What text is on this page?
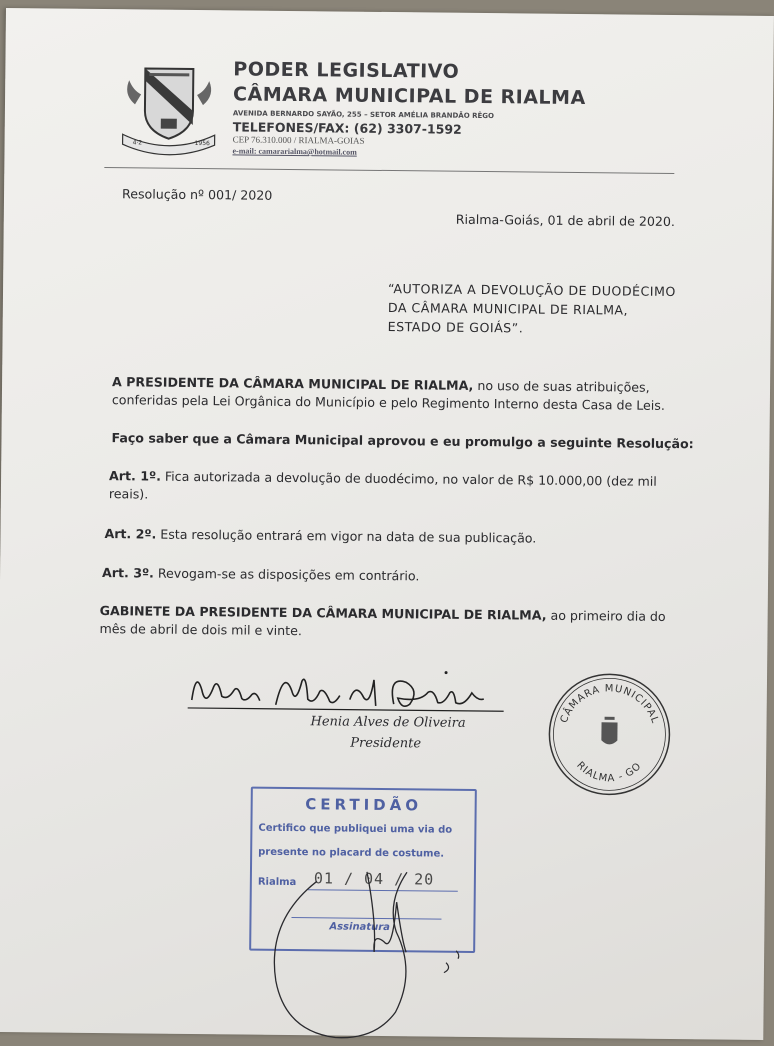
4·2	1956
PODER LEGISLATIVO
CÂMARA MUNICIPAL DE RIALMA
AVENIDA BERNARDO SAYÃO, 255 – SETOR AMÉLIA BRANDÃO RÊGO
TELEFONES/FAX: (62) 3307-1592
CEP 76.310.000 / RIALMA-GOIAS
e-mail: camararialma@hotmail.com
Resolução nº 001/ 2020
Rialma-Goiás, 01 de abril de 2020.
“AUTORIZA A DEVOLUÇÃO DE DUODÉCIMO
DA CÂMARA MUNICIPAL DE RIALMA,
ESTADO DE GOIÁS”.
A PRESIDENTE DA CÂMARA MUNICIPAL DE RIALMA, no uso de suas atribuições,
conferidas pela Lei Orgânica do Município e pelo Regimento Interno desta Casa de Leis.
Faço saber que a Câmara Municipal aprovou e eu promulgo a seguinte Resolução:
Art. 1º. Fica autorizada a devolução de duodécimo, no valor de R$ 10.000,00 (dez mil
reais).
Art. 2º. Esta resolução entrará em vigor na data de sua publicação.
Art. 3º. Revogam-se as disposições em contrário.
GABINETE DA PRESIDENTE DA CÂMARA MUNICIPAL DE RIALMA, ao primeiro dia do
mês de abril de dois mil e vinte.
Henia Alves de Oliveira
Presidente
CÂMARA MUNICIPAL
RIALMA - GO
CERTIDÃO
Certifico que publiquei uma via do
presente no placard de costume.
Rialma 01 / 04 / 20
Assinatura
